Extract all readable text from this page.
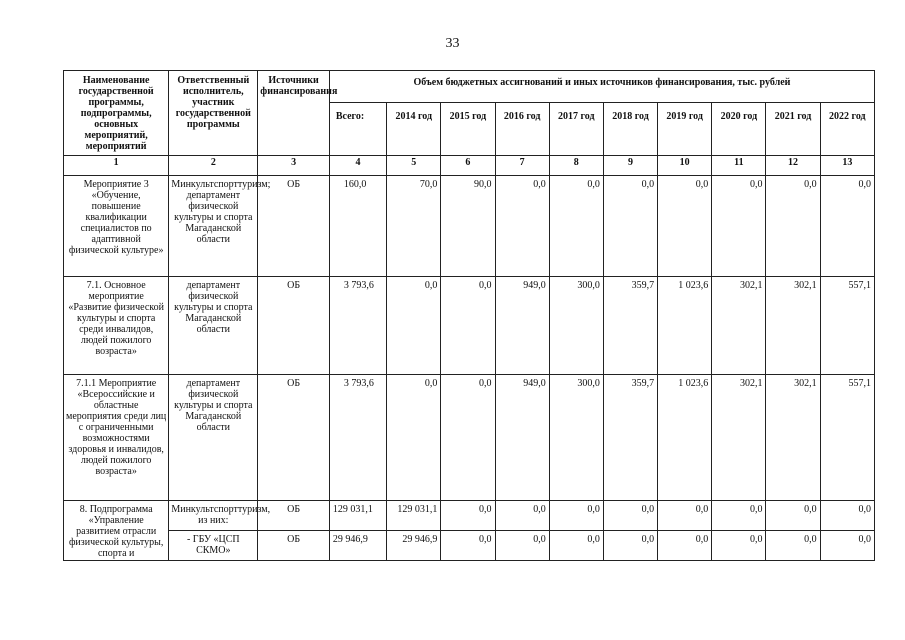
33
Наименование государственной программы, подпрограммы, основных мероприятий, мероприятий	Ответственный исполнитель, участник государственной программы	Источники финансирования	Объем бюджетных ассигнований и иных источников финансирования, тыс. рублей									
			Всего:	2014 год	2015 год	2016 год	2017 год	2018 год	2019 год	2020 год	2021 год	2022 год
1	2	3	4	5	6	7	8	9	10	11	12	13
Мероприятие 3 «Обучение, повышение квалификации специалистов по адаптивной физической культуре»	Минкультспорттуризм; департамент физической культуры и спорта Магаданской области	ОБ	160,0	70,0	90,0	0,0	0,0	0,0	0,0	0,0	0,0	0,0
7.1. Основное мероприятие «Развитие физической культуры и спорта среди инвалидов, людей пожилого возраста»	департамент физической культуры и спорта Магаданской области	ОБ	3 793,6	0,0	0,0	949,0	300,0	359,7	1 023,6	302,1	302,1	557,1
7.1.1 Мероприятие «Всероссийские и областные мероприятия среди лиц с ограниченными возможностями здоровья и инвалидов, людей пожилого возраста»	департамент физической культуры и спорта Магаданской области	ОБ	3 793,6	0,0	0,0	949,0	300,0	359,7	1 023,6	302,1	302,1	557,1
8. Подпрограмма «Управление развитием отрасли физической культуры, спорта и	Минкультспорттуризм, из них:	ОБ	129 031,1	129 031,1	0,0	0,0	0,0	0,0	0,0	0,0	0,0	0,0
	- ГБУ «ЦСП СКМО»	ОБ	29 946,9	29 946,9	0,0	0,0	0,0	0,0	0,0	0,0	0,0	0,0
